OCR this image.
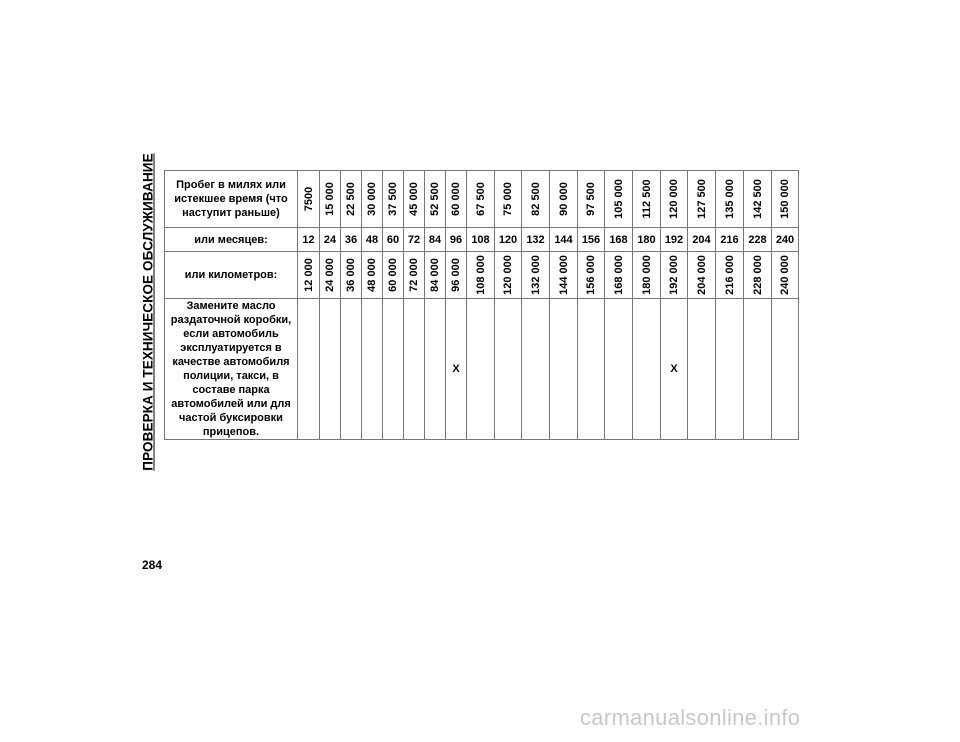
ПРОВЕРКА И ТЕХНИЧЕСКОЕ ОБСЛУЖИВАНИЕ Пробег в милях или истекшее время (что наступит раньше)	7500	15 000	22 500	30 000	37 500	45 000	52 500	60 000	67 500	75 000	82 500	90 000	97 500	105 000	112 500	120 000	127 500	135 000	142 500	150 000

или месяцев:	12	24	36	48	60	72	84	96	108	120	132	144	156	168	180	192	204	216	228	240
или километров:	12 000	24 000	36 000	48 000	60 000	72 000	84 000	96 000	108 000	120 000	132 000	144 000	156 000	168 000	180 000	192 000	204 000	216 000	228 000	240 000

Замените масло раздаточной коробки, если автомобиль эксплуатируется в качестве автомобиля полиции, такси, в составе парка автомобилей или для частой буксировки прицепов.								X								X				
284
carmanualsonline.info
